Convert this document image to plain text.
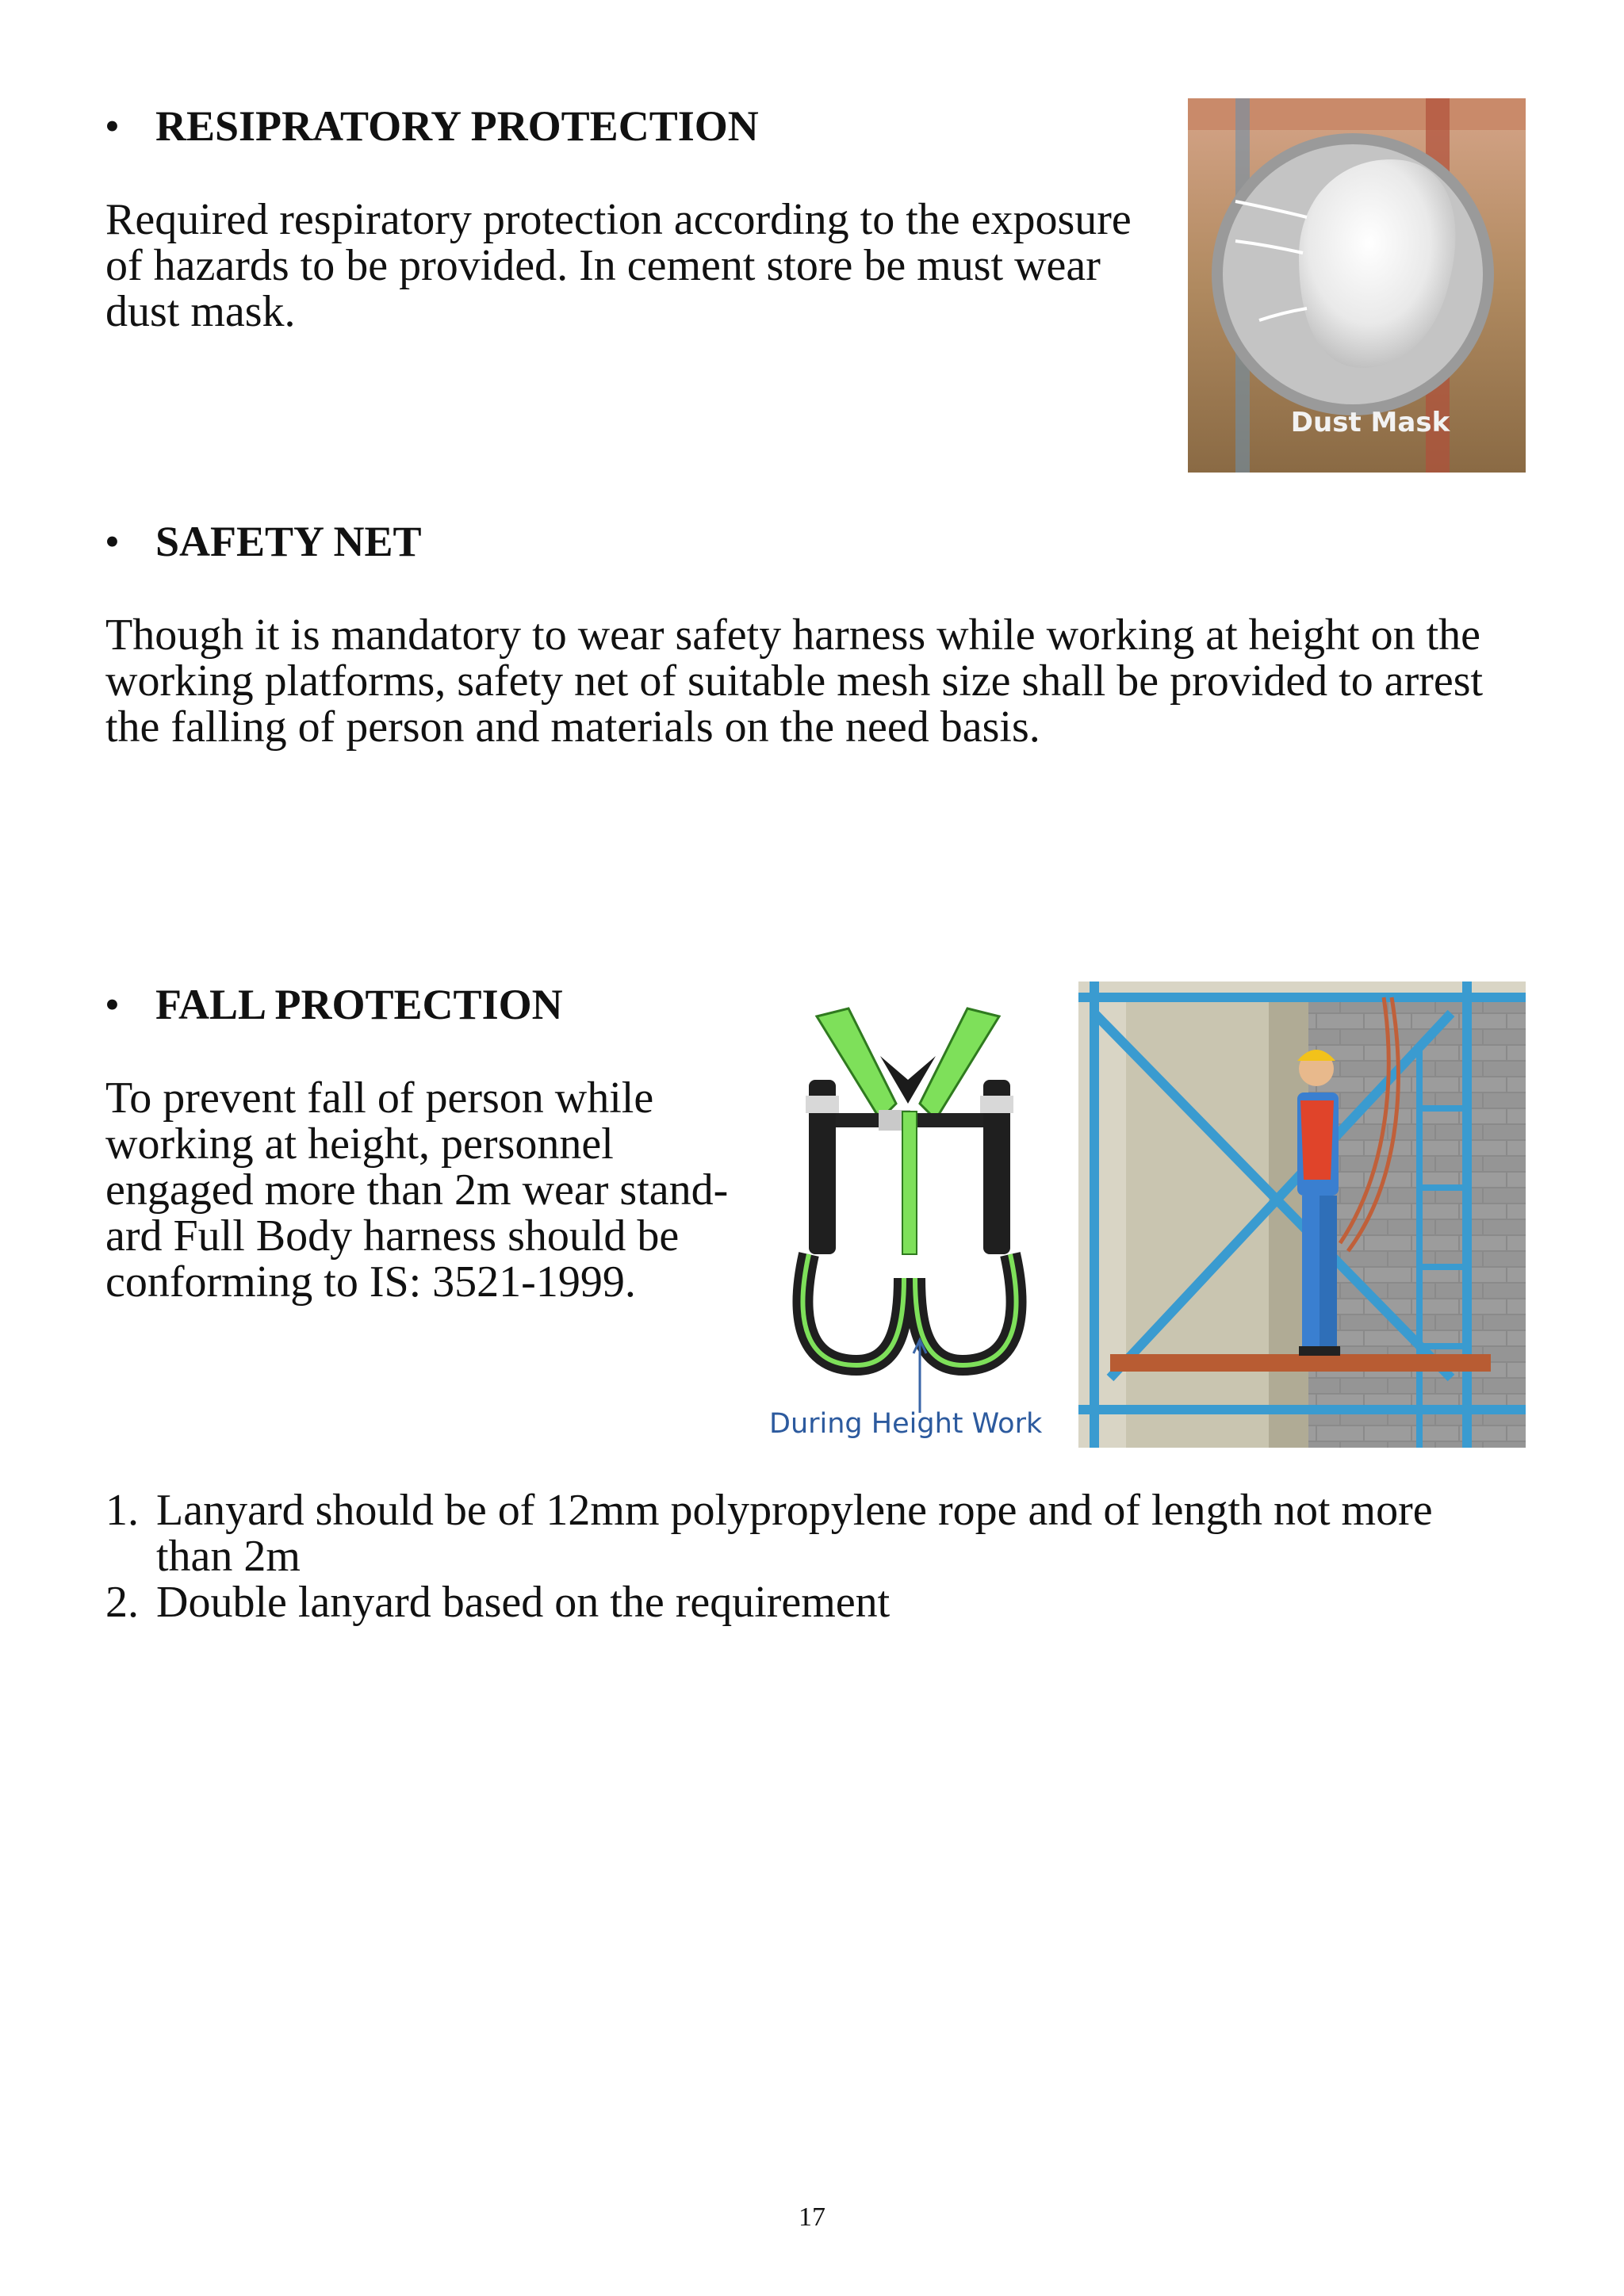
• RESIPRATORY PROTECTION
Required respiratory protection according to the exposure of hazards to be provided. In cement store be must wear dust mask.
Dust Mask
• SAFETY NET
Though it is mandatory to wear safety harness while working at height on the working platforms, safety net of suitable mesh size shall be provided to arrest the falling of person and materials on the need basis.
• FALL PROTECTION
To prevent fall of person while working at height, personnel engaged more than 2m wear stand-ard Full Body harness should be conforming to IS: 3521-1999.
During Height Work
1. Lanyard should be of 12mm polypropylene rope and of length not more than 2m
2. Double lanyard based on the requirement
17
